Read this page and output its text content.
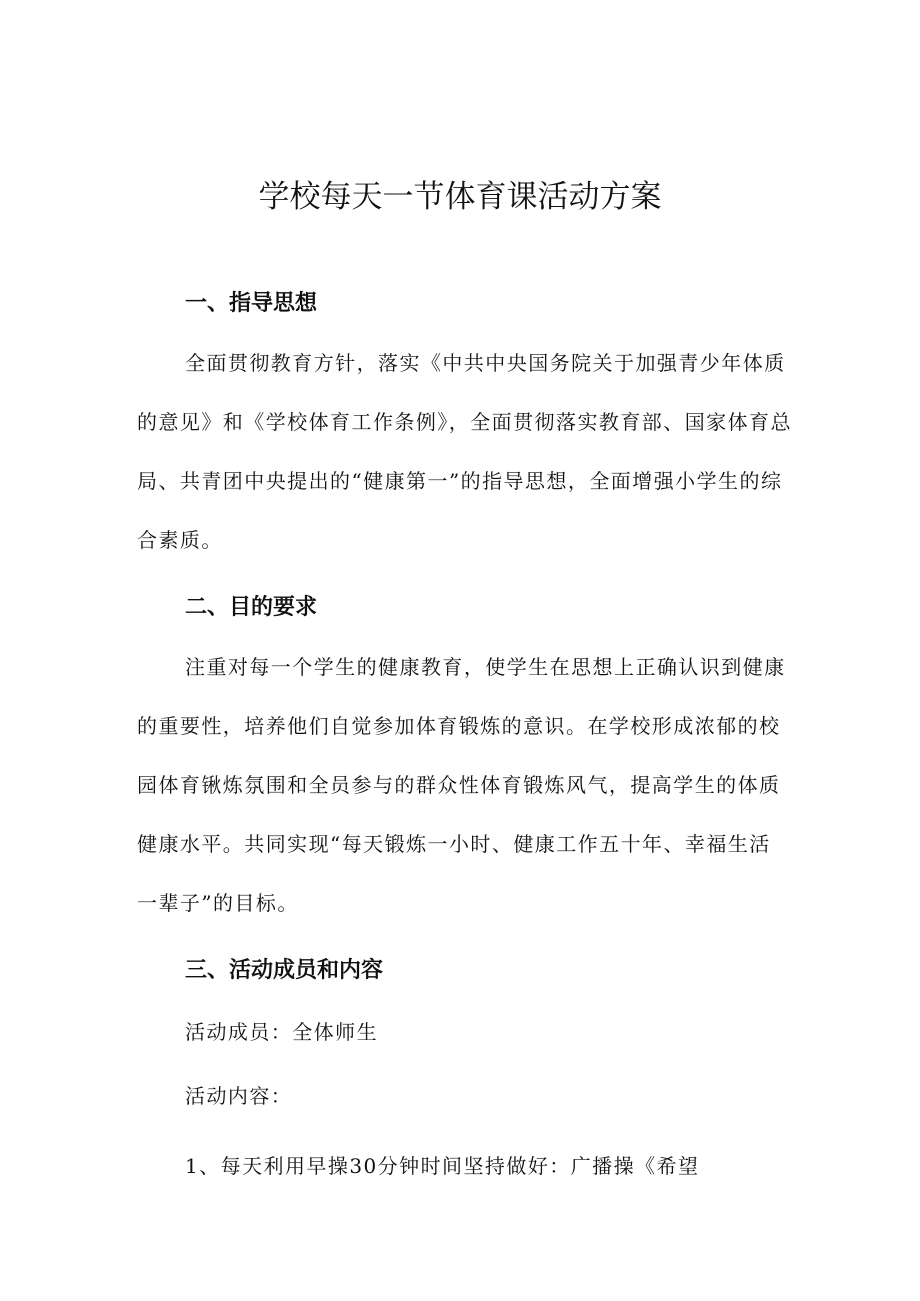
学校每天一节体育课活动方案
一、指导思想

全面贯彻教育方针，落实《中共中央国务院关于加强青少年体质的意见》和《学校体育工作条例》，全面贯彻落实教育部、国家体育总局、共青团中央提出的“健康第一”的指导思想，全面增强小学生的综合素质。

二、目的要求

注重对每一个学生的健康教育，使学生在思想上正确认识到健康的重要性，培养他们自觉参加体育锻炼的意识。在学校形成浓郁的校园体育锹炼氛围和全员参与的群众性体育锻炼风气，提高学生的体质健康水平。共同实现“每天锻炼一小时、健康工作五十年、幸福生活一辈子”的目标。

三、活动成员和内容

活动成员：全体师生

活动内容：

1、每天利用早操30分钟时间坚持做好：广播操《希望
